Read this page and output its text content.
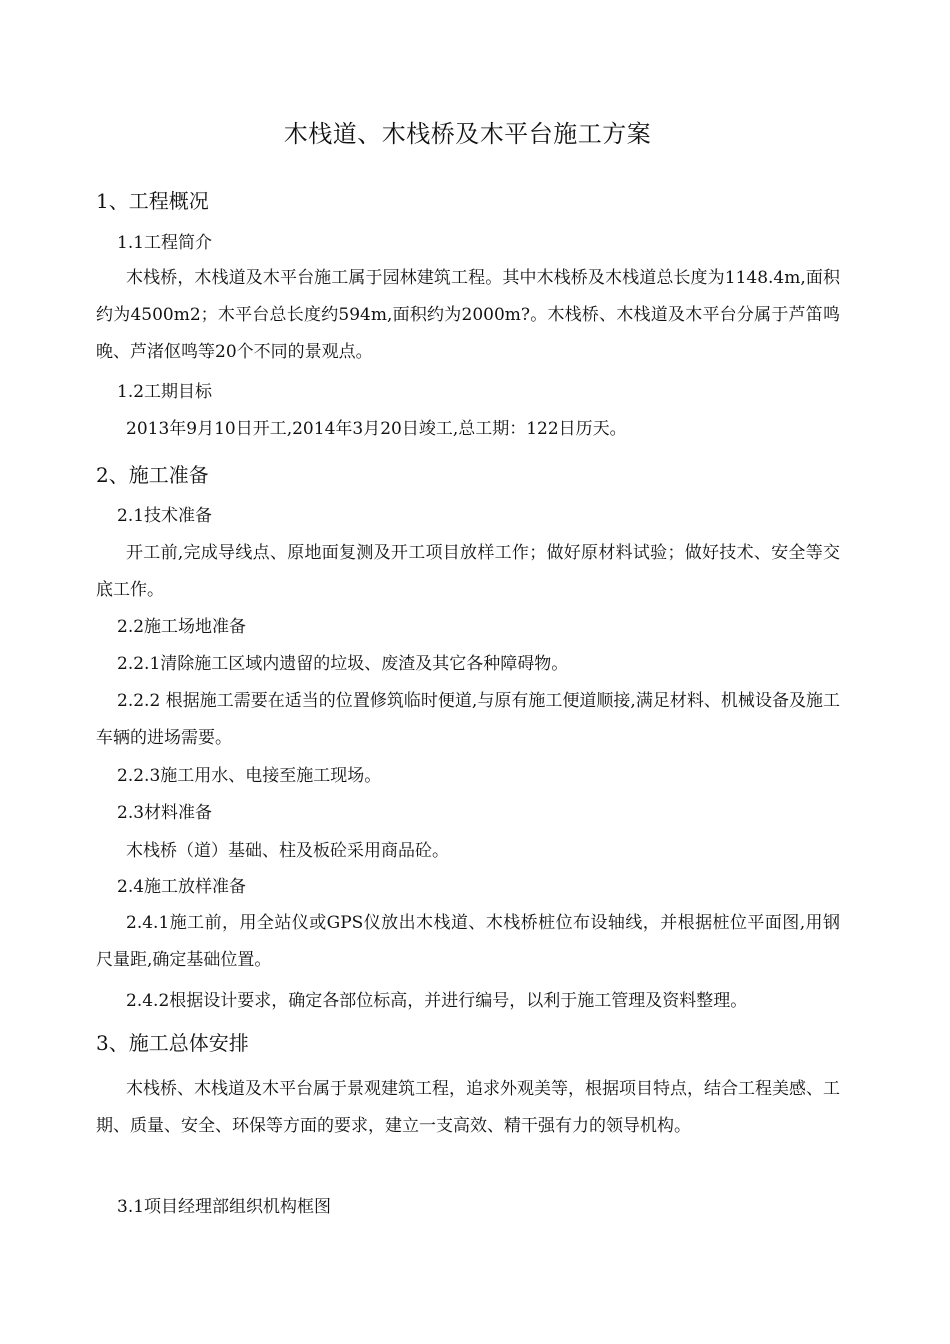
木栈道、木栈桥及木平台施工方案
1、工程概况
1.1工程简介
木栈桥，木栈道及木平台施工属于园林建筑工程。其中木栈桥及木栈道总长度为1148.4m,面积约为4500m2；木平台总长度约594m,面积约为2000m?。木栈桥、木栈道及木平台分属于芦笛鸣晚、芦渚伛鸣等20个不同的景观点。
1.2工期目标
2013年9月10日开工,2014年3月20日竣工,总工期：122日历天。
2、施工准备
2.1技术准备
开工前,完成导线点、原地面复测及开工项目放样工作；做好原材料试验；做好技术、安全等交底工作。
2.2施工场地准备
2.2.1清除施工区域内遗留的垃圾、废渣及其它各种障碍物。
2.2.2 根据施工需要在适当的位置修筑临时便道,与原有施工便道顺接,满足材料、机械设备及施工车辆的进场需要。
2.2.3施工用水、电接至施工现场。
2.3材料准备
木栈桥（道）基础、柱及板砼采用商品砼。
2.4施工放样准备
2.4.1施工前，用全站仪或GPS仪放出木栈道、木栈桥桩位布设轴线，并根据桩位平面图,用钢尺量距,确定基础位置。
2.4.2根据设计要求，确定各部位标高，并进行编号，以利于施工管理及资料整理。
3、施工总体安排
木栈桥、木栈道及木平台属于景观建筑工程，追求外观美等，根据项目特点，结合工程美感、工期、质量、安全、环保等方面的要求，建立一支高效、精干强有力的领导机构。
3.1项目经理部组织机构框图
